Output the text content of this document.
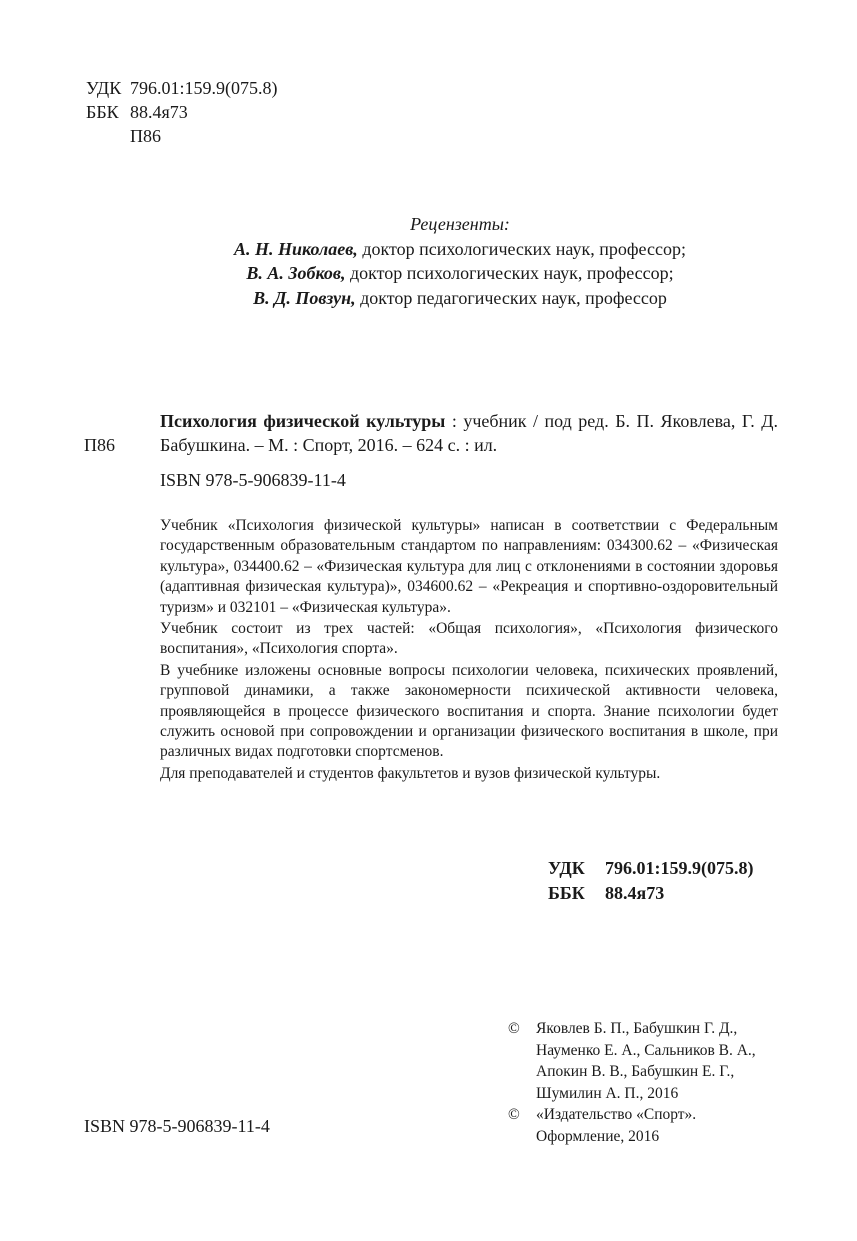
УДК 796.01:159.9(075.8)
ББК 88.4я73
П86
Рецензенты:
А. Н. Николаев, доктор психологических наук, профессор;
В. А. Зобков, доктор психологических наук, профессор;
В. Д. Повзун, доктор педагогических наук, профессор
П86
Психология физической культуры : учебник / под ред. Б. П. Яковлева, Г. Д. Бабушкина. – М. : Спорт, 2016. – 624 с. : ил.
ISBN 978-5-906839-11-4

Учебник «Психология физической культуры» написан в соответствии с Федеральным государственным образовательным стандартом по направлениям: 034300.62 – «Физическая культура», 034400.62 – «Физическая культура для лиц с отклонениями в состоянии здоровья (адаптивная физическая культура)», 034600.62 – «Рекреация и спортивно-оздоровительный туризм» и 032101 – «Физическая культура».

Учебник состоит из трех частей: «Общая психология», «Психология физического воспитания», «Психология спорта».

В учебнике изложены основные вопросы психологии человека, психических проявлений, групповой динамики, а также закономерности психической активности человека, проявляющейся в процессе физического воспитания и спорта. Знание психологии будет служить основой при сопровождении и организации физического воспитания в школе, при различных видах подготовки спортсменов.

Для преподавателей и студентов факультетов и вузов физической культуры.

УДК	796.01:159.9(075.8)
ББК	88.4я73
©	Яковлев Б. П., Бабушкин Г. Д.,
Науменко Е. А., Сальников В. А.,
Апокин В. В., Бабушкин Е. Г.,
Шумилин А. П., 2016
©	«Издательство «Спорт».
Оформление, 2016
ISBN 978-5-906839-11-4
